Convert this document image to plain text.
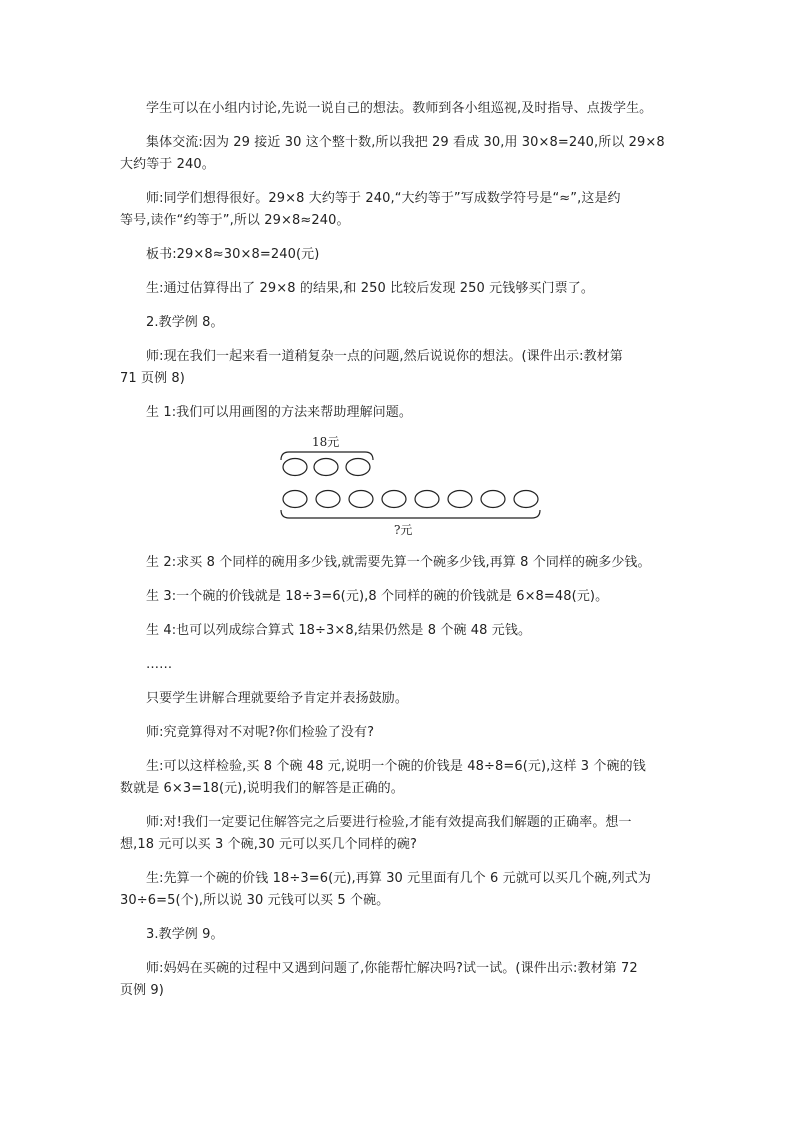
学生可以在小组内讨论,先说一说自己的想法。教师到各小组巡视,及时指导、点拨学生。

集体交流:因为 29 接近 30 这个整十数,所以我把 29 看成 30,用 30×8=240,所以 29×8

大约等于 240。

师:同学们想得很好。29×8 大约等于 240,“大约等于”写成数学符号是“≈”,这是约

等号,读作“约等于”,所以 29×8≈240。

板书:29×8≈30×8=240(元)

生:通过估算得出了 29×8 的结果,和 250 比较后发现 250 元钱够买门票了。

2.教学例 8。

师:现在我们一起来看一道稍复杂一点的问题,然后说说你的想法。(课件出示:教材第

71 页例 8)

生 1:我们可以用画图的方法来帮助理解问题。

18元
?元

生 2:求买 8 个同样的碗用多少钱,就需要先算一个碗多少钱,再算 8 个同样的碗多少钱。

生 3:一个碗的价钱就是 18÷3=6(元),8 个同样的碗的价钱就是 6×8=48(元)。

生 4:也可以列成综合算式 18÷3×8,结果仍然是 8 个碗 48 元钱。

……

只要学生讲解合理就要给予肯定并表扬鼓励。

师:究竟算得对不对呢?你们检验了没有?

生:可以这样检验,买 8 个碗 48 元,说明一个碗的价钱是 48÷8=6(元),这样 3 个碗的钱

数就是 6×3=18(元),说明我们的解答是正确的。

师:对!我们一定要记住解答完之后要进行检验,才能有效提高我们解题的正确率。想一

想,18 元可以买 3 个碗,30 元可以买几个同样的碗?

生:先算一个碗的价钱 18÷3=6(元),再算 30 元里面有几个 6 元就可以买几个碗,列式为

30÷6=5(个),所以说 30 元钱可以买 5 个碗。

3.教学例 9。

师:妈妈在买碗的过程中又遇到问题了,你能帮忙解决吗?试一试。(课件出示:教材第 72

页例 9)
